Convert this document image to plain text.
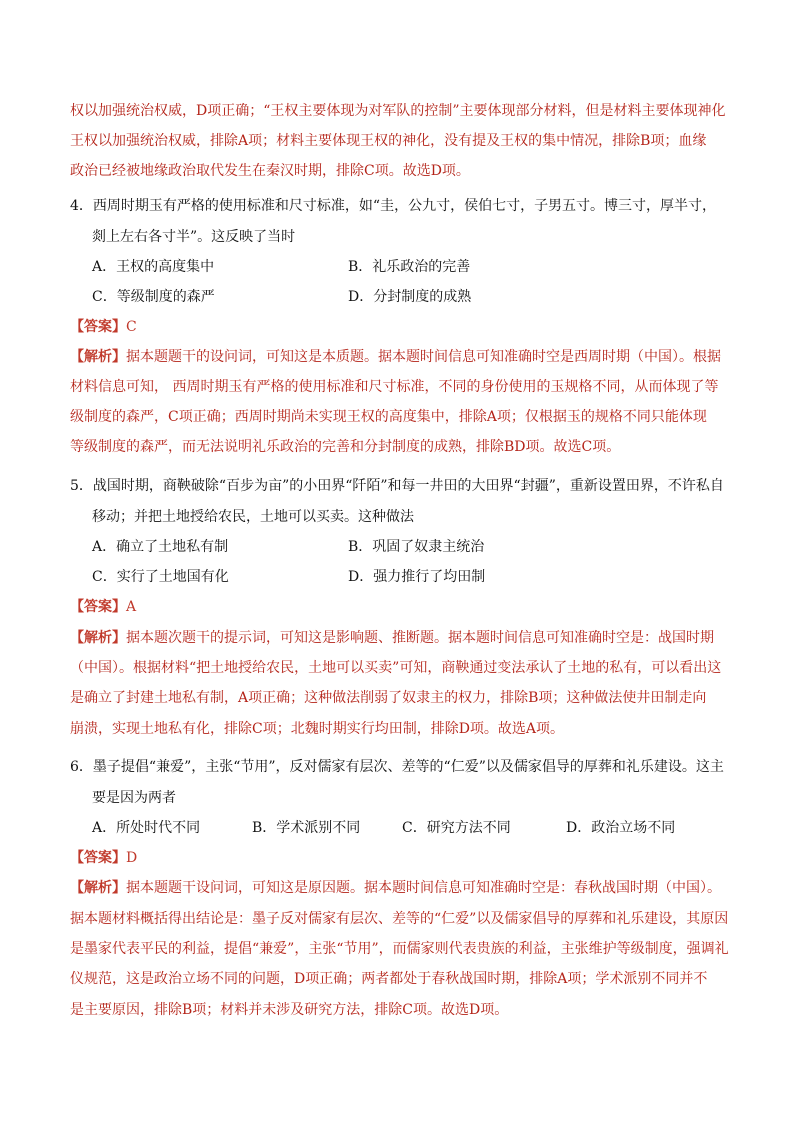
权以加强统治权威，D项正确；“王权主要体现为对军队的控制”主要体现部分材料，但是材料主要体现神化
王权以加强统治权威，排除A项；材料主要体现王权的神化，没有提及王权的集中情况，排除B项；血缘
政治已经被地缘政治取代发生在秦汉时期，排除C项。故选D项。
4．西周时期玉有严格的使用标准和尺寸标准，如“圭，公九寸，侯伯七寸，子男五寸。博三寸，厚半寸，
剡上左右各寸半”。这反映了当时
A．王权的高度集中	B．礼乐政治的完善
C．等级制度的森严	D．分封制度的成熟
【答案】C
【解析】据本题题干的设问词，可知这是本质题。据本题时间信息可知准确时空是西周时期（中国）。根据
材料信息可知， 西周时期玉有严格的使用标准和尺寸标准，不同的身份使用的玉规格不同，从而体现了等
级制度的森严，C项正确；西周时期尚未实现王权的高度集中，排除A项；仅根据玉的规格不同只能体现
等级制度的森严，而无法说明礼乐政治的完善和分封制度的成熟，排除BD项。故选C项。
5．战国时期，商鞅破除“百步为亩”的小田界“阡陌”和每一井田的大田界“封疆”，重新设置田界，不许私自
移动；并把土地授给农民，土地可以买卖。这种做法
A．确立了土地私有制	B．巩固了奴隶主统治
C．实行了土地国有化	D．强力推行了均田制
【答案】A
【解析】据本题次题干的提示词，可知这是影响题、推断题。据本题时间信息可知准确时空是：战国时期
（中国）。根据材料“把土地授给农民，土地可以买卖”可知，商鞅通过变法承认了土地的私有，可以看出这
是确立了封建土地私有制，A项正确；这种做法削弱了奴隶主的权力，排除B项；这种做法使井田制走向
崩溃，实现土地私有化，排除C项；北魏时期实行均田制，排除D项。故选A项。
6．墨子提倡“兼爱”，主张“节用”，反对儒家有层次、差等的“仁爱”以及儒家倡导的厚葬和礼乐建设。这主
要是因为两者
A．所处时代不同	B．学术派别不同	C．研究方法不同	D．政治立场不同
【答案】D
【解析】据本题题干设问词，可知这是原因题。据本题时间信息可知准确时空是：春秋战国时期（中国）。
据本题材料概括得出结论是：墨子反对儒家有层次、差等的“仁爱”以及儒家倡导的厚葬和礼乐建设，其原因
是墨家代表平民的利益，提倡“兼爱”，主张“节用”，而儒家则代表贵族的利益，主张维护等级制度，强调礼
仪规范，这是政治立场不同的问题，D项正确；两者都处于春秋战国时期，排除A项；学术派别不同并不
是主要原因，排除B项；材料并未涉及研究方法，排除C项。故选D项。
